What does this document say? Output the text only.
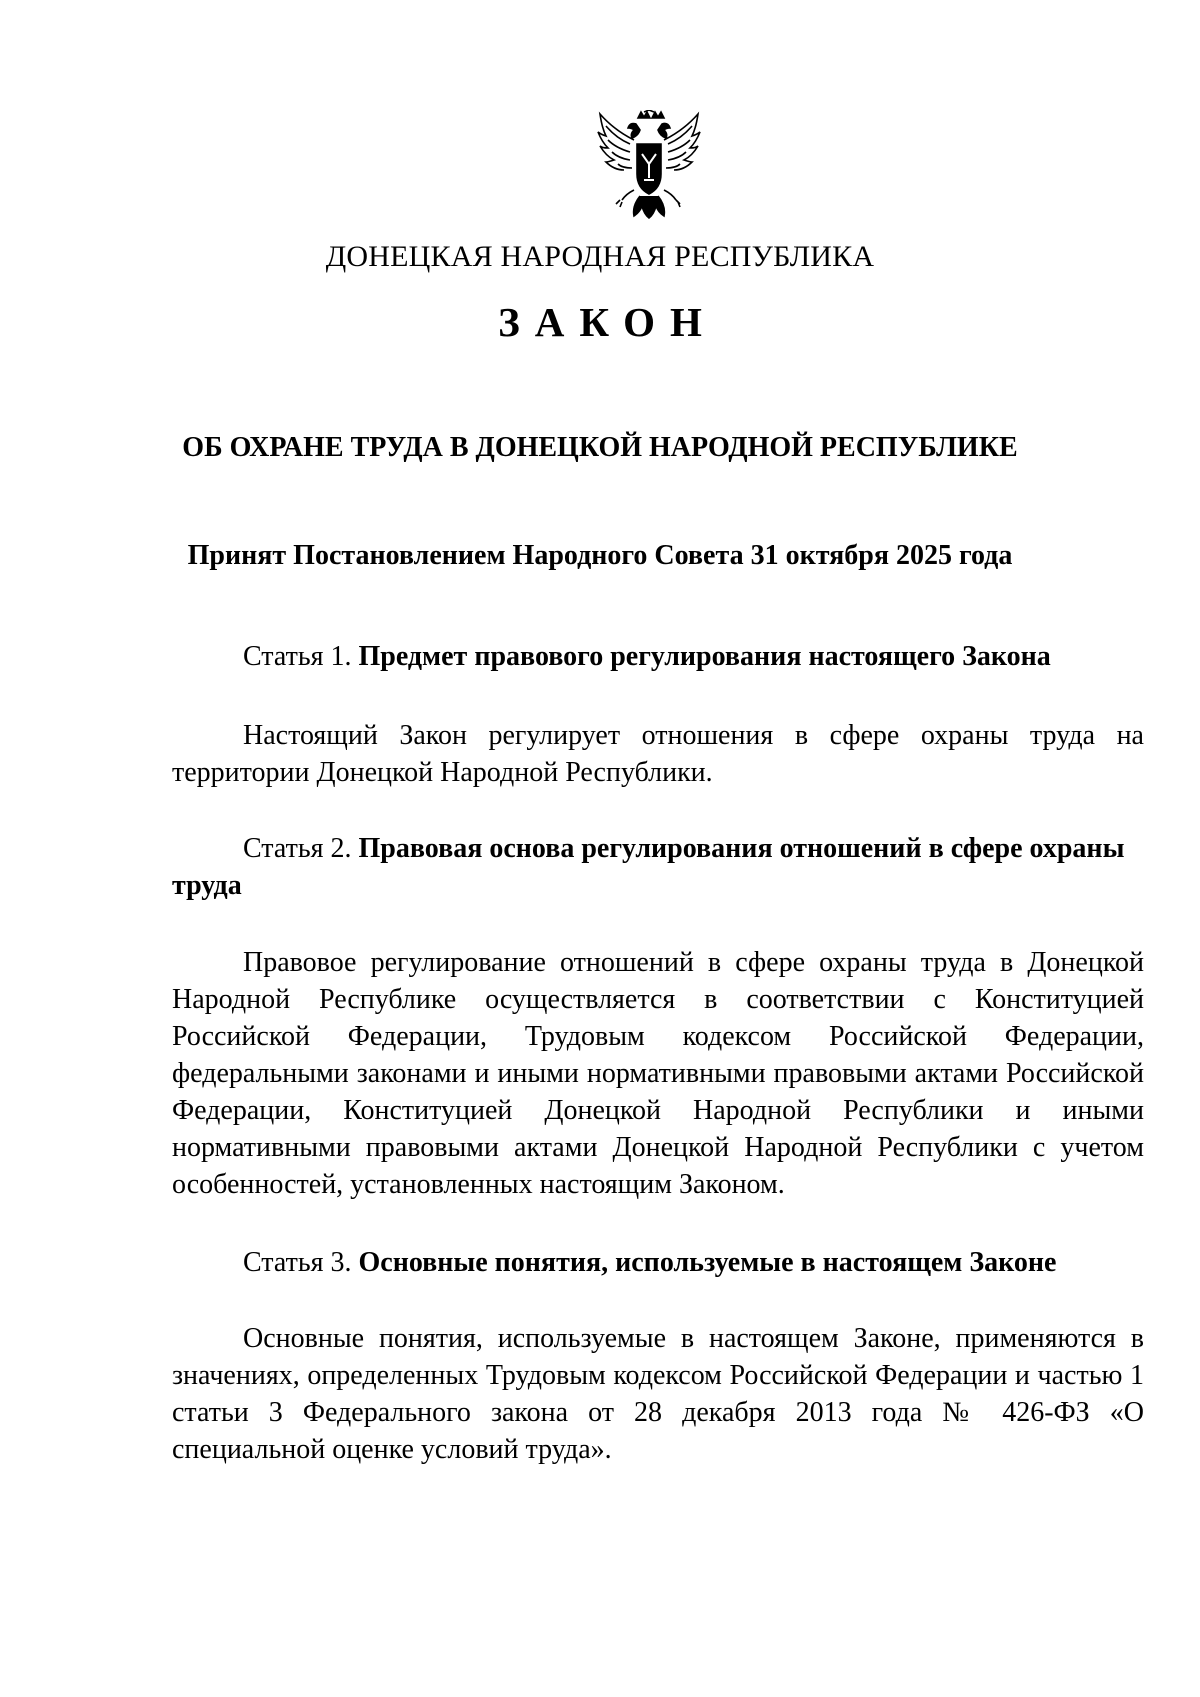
ДОНЕЦКАЯ НАРОДНАЯ РЕСПУБЛИКА
ЗАКОН
ОБ ОХРАНЕ ТРУДА В ДОНЕЦКОЙ НАРОДНОЙ РЕСПУБЛИКЕ
Принят Постановлением Народного Совета 31 октября 2025 года
Статья 1. Предмет правового регулирования настоящего Закона
Настоящий Закон регулирует отношения в сфере охраны труда на территории Донецкой Народной Республики.
Статья 2. Правовая основа регулирования отношений в сфере охраны труда
Правовое регулирование отношений в сфере охраны труда в Донецкой Народной Республике осуществляется в соответствии с Конституцией Российской Федерации, Трудовым кодексом Российской Федерации, федеральными законами и иными нормативными правовыми актами Российской Федерации, Конституцией Донецкой Народной Республики и иными нормативными правовыми актами Донецкой Народной Республики с учетом особенностей, установленных настоящим Законом.
Статья 3. Основные понятия, используемые в настоящем Законе
Основные понятия, используемые в настоящем Законе, применяются в значениях, определенных Трудовым кодексом Российской Федерации и частью 1 статьи 3 Федерального закона от 28 декабря 2013 года № 426-ФЗ «О специальной оценке условий труда».
